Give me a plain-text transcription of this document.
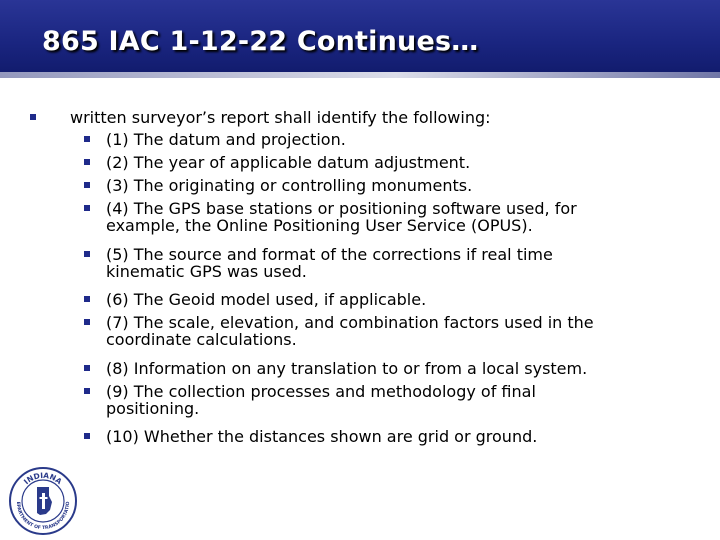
865 IAC 1-12-22 Continues…
written surveyor’s report shall identify the following:
(1) The datum and projection.
(2) The year of applicable datum adjustment.
(3) The originating or controlling monuments.
(4) The GPS base stations or positioning software used, for
example, the Online Positioning User Service (OPUS).
(5) The source and format of the corrections if real time
kinematic GPS was used.
(6) The Geoid model used, if applicable.
(7) The scale, elevation, and combination factors used in the
coordinate calculations.
(8) Information on any translation to or from a local system.
(9) The collection processes and methodology of final
positioning.
(10) Whether the distances shown are grid or ground.
INDIANA
EPARTMENT OF TRANSPORTATIO
